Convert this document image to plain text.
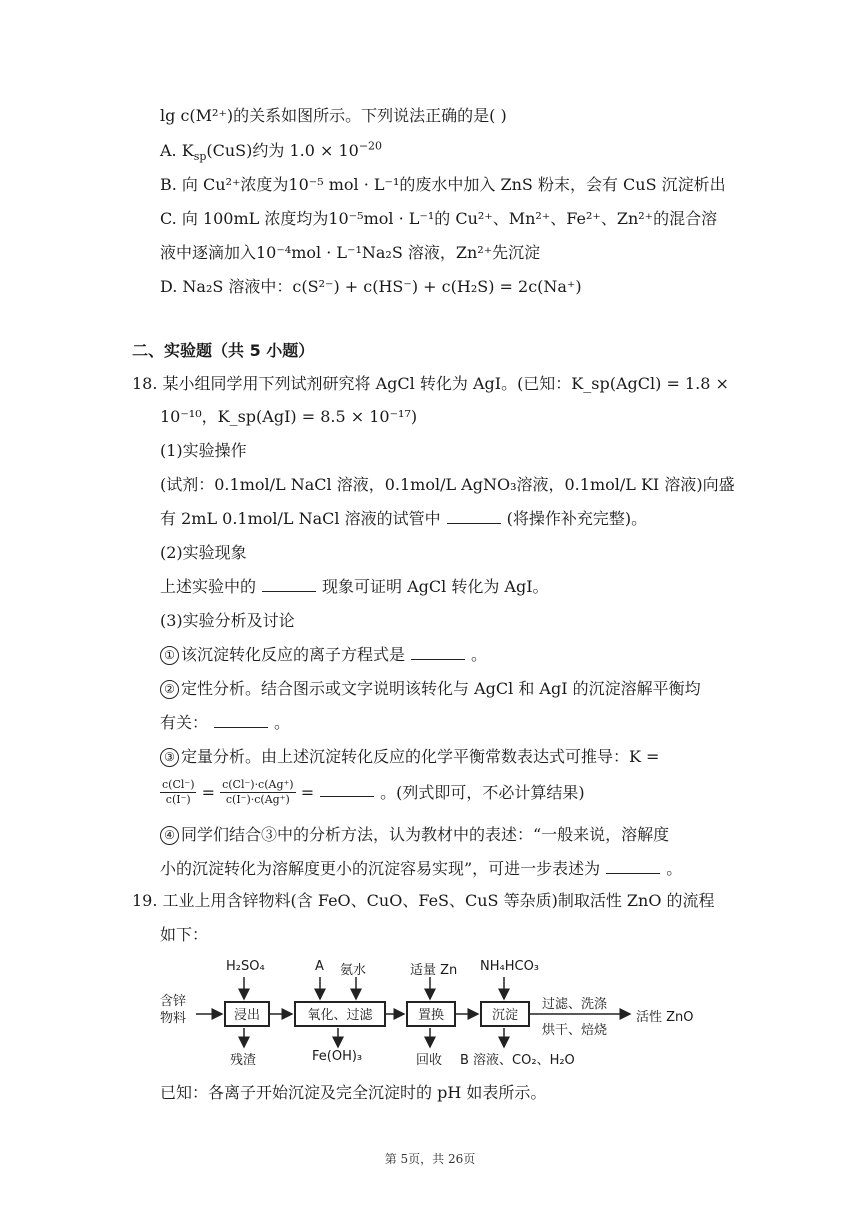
lg c(M²⁺)的关系如图所示。下列说法正确的是( )
A. $K_{sp}(CuS)$约为 $1.0 \times 10^{-20}$
B. 向 Cu²⁺浓度为10⁻⁵ mol · L⁻¹的废水中加入 ZnS 粉末，会有 CuS 沉淀析出
C. 向 100mL 浓度均为10⁻⁵mol · L⁻¹的 Cu²⁺、Mn²⁺、Fe²⁺、Zn²⁺的混合溶
液中逐滴加入10⁻⁴mol · L⁻¹Na₂S 溶液，Zn²⁺先沉淀
D. Na₂S 溶液中：c(S²⁻) + c(HS⁻) + c(H₂S) = 2c(Na⁺)
二、实验题（共 5 小题）
18. 某小组同学用下列试剂研究将 AgCl 转化为 AgI。(已知：K_sp(AgCl) = 1.8 ×
10⁻¹⁰，K_sp(AgI) = 8.5 × 10⁻¹⁷)
(1)实验操作
(试剂：0.1mol/L NaCl 溶液，0.1mol/L AgNO₃溶液，0.1mol/L KI 溶液)向盛
有 2mL 0.1mol/L NaCl 溶液的试管中	(将操作补充完整)。
(2)实验现象
上述实验中的	现象可证明 AgCl 转化为 AgI。
(3)实验分析及讨论
① 该沉淀转化反应的离子方程式是	。
② 定性分析。结合图示或文字说明该转化与 AgCl 和 AgI 的沉淀溶解平衡均
有关：	。
③ 定量分析。由上述沉淀转化反应的化学平衡常数表达式可推导：K =
$\frac{c(Cl^-)}{c(I^-)} = \frac{c(Cl^-)\cdot c(Ag^+)}{c(I^-)\cdot c(Ag^+)}$ =	。(列式即可，不必计算结果)
④ 同学们结合③中的分析方法，认为教材中的表述：“一般来说，溶解度
小的沉淀转化为溶解度更小的沉淀容易实现”，可进一步表述为	。
19. 工业上用含锌物料(含 FeO、CuO、FeS、CuS 等杂质)制取活性 ZnO 的流程
如下：
含锌
物料	浸出	氧化、过滤	置换	沉淀
H₂SO₄	A 氨水	适量 Zn NH₄HCO₃
残渣	Fe(OH)₃	回收 B 溶液、CO₂、H₂O
过滤、洗涤
烘干、焙烧
活性 ZnO
已知：各离子开始沉淀及完全沉淀时的 pH 如表所示。
第 5页，共 26页
